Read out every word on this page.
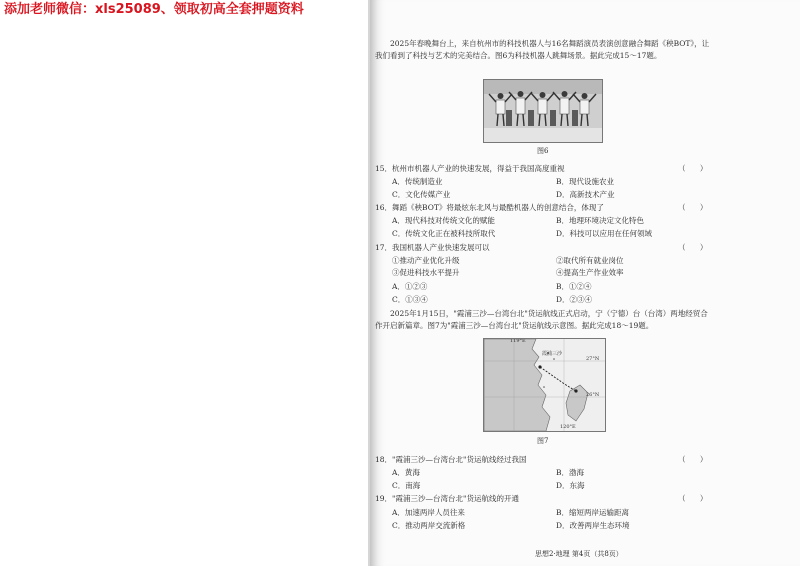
添加老师微信：xls25089、领取初高全套押题资料
2025年春晚舞台上，来自杭州市的科技机器人与16名舞蹈演员表演创意融合舞蹈《秧BOT》，让我们看到了科技与艺术的完美结合。图6为科技机器人跳舞场景。据此完成15～17题。
图6
15．杭州市机器人产业的快速发展，得益于我国高度重视	（ ）
A．传统制造业	B．现代设施农业
C．文化传媒产业	D．高新技术产业
16．舞蹈《秧BOT》将最炫东北风与最酷机器人的创意结合，体现了	（ ）
A．现代科技对传统文化的赋能	B．地理环境决定文化特色
C．传统文化正在被科技所取代	D．科技可以应用在任何领域
17．我国机器人产业快速发展可以	（ ）
①推动产业优化升级	②取代所有就业岗位
③促进科技水平提升	④提高生产作业效率
A．①②③	B．①②④
C．①③④	D．②③④
2025年1月15日，"霞浦三沙—台湾台北"货运航线正式启动，宁（宁德）台（台湾）两地经贸合作开启新篇章。图7为"霞浦三沙—台湾台北"货运航线示意图。据此完成18～19题。
霞浦三沙
119°E
27°N
26°N
120°E
图7
18．"霞浦三沙—台湾台北"货运航线经过我国	（ ）
A．黄海	B．渤海
C．南海	D．东海
19．"霞浦三沙—台湾台北"货运航线的开通	（ ）
A．加速两岸人员往来	B．缩短两岸运输距离
C．推动两岸交流新格	D．改善两岸生态环境
思想2·地理 第4页（共8页）
